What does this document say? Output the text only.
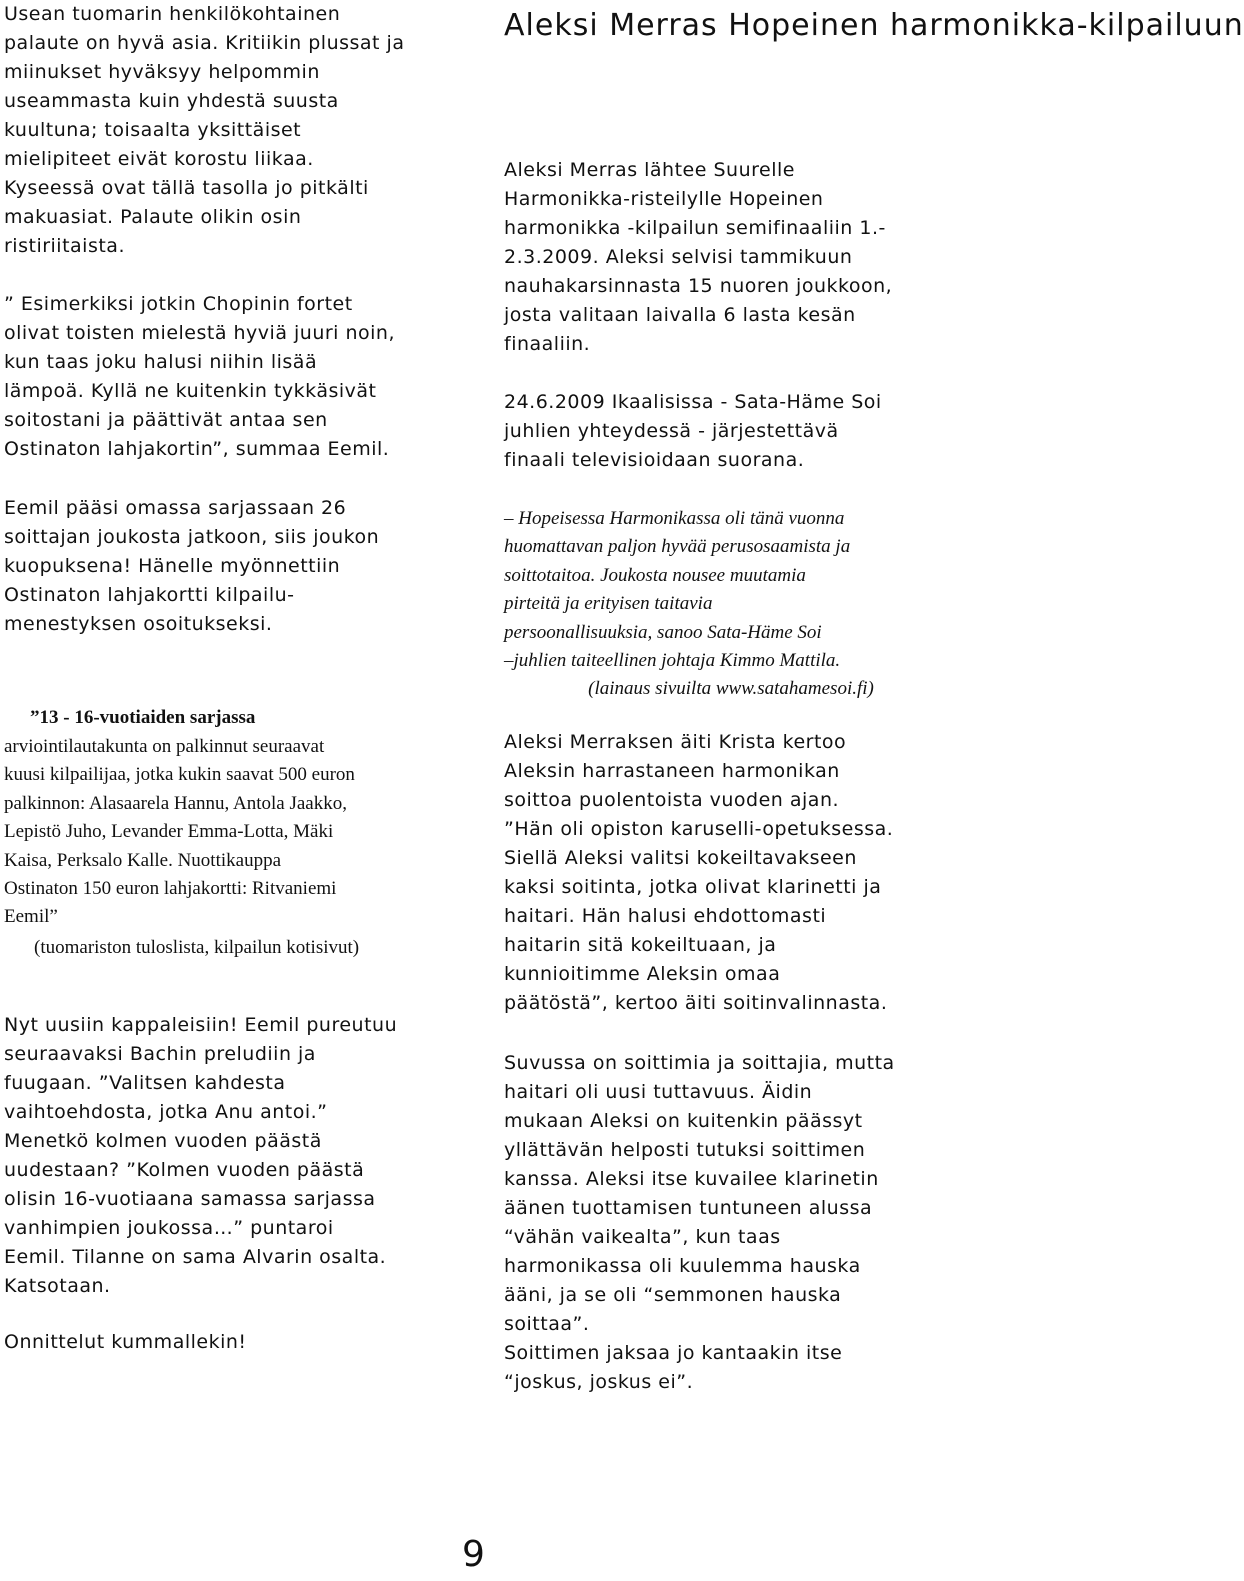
Usean tuomarin henkilökohtainen
palaute on hyvä asia. Kritiikin plussat ja
miinukset hyväksyy helpommin
useammasta kuin yhdestä suusta
kuultuna; toisaalta yksittäiset
mielipiteet eivät korostu liikaa.
Kyseessä ovat tällä tasolla jo pitkälti
makuasiat. Palaute olikin osin
ristiriitaista.

” Esimerkiksi jotkin Chopinin fortet
olivat toisten mielestä hyviä juuri noin,
kun taas joku halusi niihin lisää
lämpoä. Kyllä ne kuitenkin tykkäsivät
soitostani ja päättivät antaa sen
Ostinaton lahjakortin”, summaa Eemil.

Eemil pääsi omassa sarjassaan 26
soittajan joukosta jatkoon, siis joukon
kuopuksena! Hänelle myönnettiin
Ostinaton lahjakortti kilpailu-
menestyksen osoitukseksi.

”13 - 16-vuotiaiden sarjassa

arviointilautakunta on palkinnut seuraavat
kuusi kilpailijaa, jotka kukin saavat 500 euron
palkinnon: Alasaarela Hannu, Antola Jaakko,
Lepistö Juho, Levander Emma-Lotta, Mäki
Kaisa, Perksalo Kalle. Nuottikauppa
Ostinaton 150 euron lahjakortti: Ritvaniemi
Eemil”

(tuomariston tuloslista, kilpailun kotisivut)

Nyt uusiin kappaleisiin! Eemil pureutuu
seuraavaksi Bachin preludiin ja
fuugaan. ”Valitsen kahdesta
vaihtoehdosta, jotka Anu antoi.”
Menetkö kolmen vuoden päästä
uudestaan? ”Kolmen vuoden päästä
olisin 16-vuotiaana samassa sarjassa
vanhimpien joukossa…” puntaroi
Eemil. Tilanne on sama Alvarin osalta.
Katsotaan.

Onnittelut kummallekin!

Aleksi Merras Hopeinen harmonikka-kilpailuun

Aleksi Merras lähtee Suurelle
Harmonikka-risteilylle Hopeinen
harmonikka -kilpailun semifinaaliin 1.-
2.3.2009. Aleksi selvisi tammikuun
nauhakarsinnasta 15 nuoren joukkoon,
josta valitaan laivalla 6 lasta kesän
finaaliin.

24.6.2009 Ikaalisissa - Sata-Häme Soi
juhlien yhteydessä - järjestettävä
finaali televisioidaan suorana.

– Hopeisessa Harmonikassa oli tänä vuonna
huomattavan paljon hyvää perusosaamista ja
soittotaitoa. Joukosta nousee muutamia
pirteitä ja erityisen taitavia
persoonallisuuksia, sanoo Sata-Häme Soi
–juhlien taiteellinen johtaja Kimmo Mattila.

(lainaus sivuilta www.satahamesoi.fi)

Aleksi Merraksen äiti Krista kertoo
Aleksin harrastaneen harmonikan
soittoa puolentoista vuoden ajan.
”Hän oli opiston karuselli-opetuksessa.
Siellä Aleksi valitsi kokeiltavakseen
kaksi soitinta, jotka olivat klarinetti ja
haitari. Hän halusi ehdottomasti
haitarin sitä kokeiltuaan, ja
kunnioitimme Aleksin omaa
päätöstä”, kertoo äiti soitinvalinnasta.

Suvussa on soittimia ja soittajia, mutta
haitari oli uusi tuttavuus. Äidin
mukaan Aleksi on kuitenkin päässyt
yllättävän helposti tutuksi soittimen
kanssa. Aleksi itse kuvailee klarinetin
äänen tuottamisen tuntuneen alussa
“vähän vaikealta”, kun taas
harmonikassa oli kuulemma hauska
ääni, ja se oli “semmonen hauska
soittaa”.
Soittimen jaksaa jo kantaakin itse
“joskus, joskus ei”.

9
